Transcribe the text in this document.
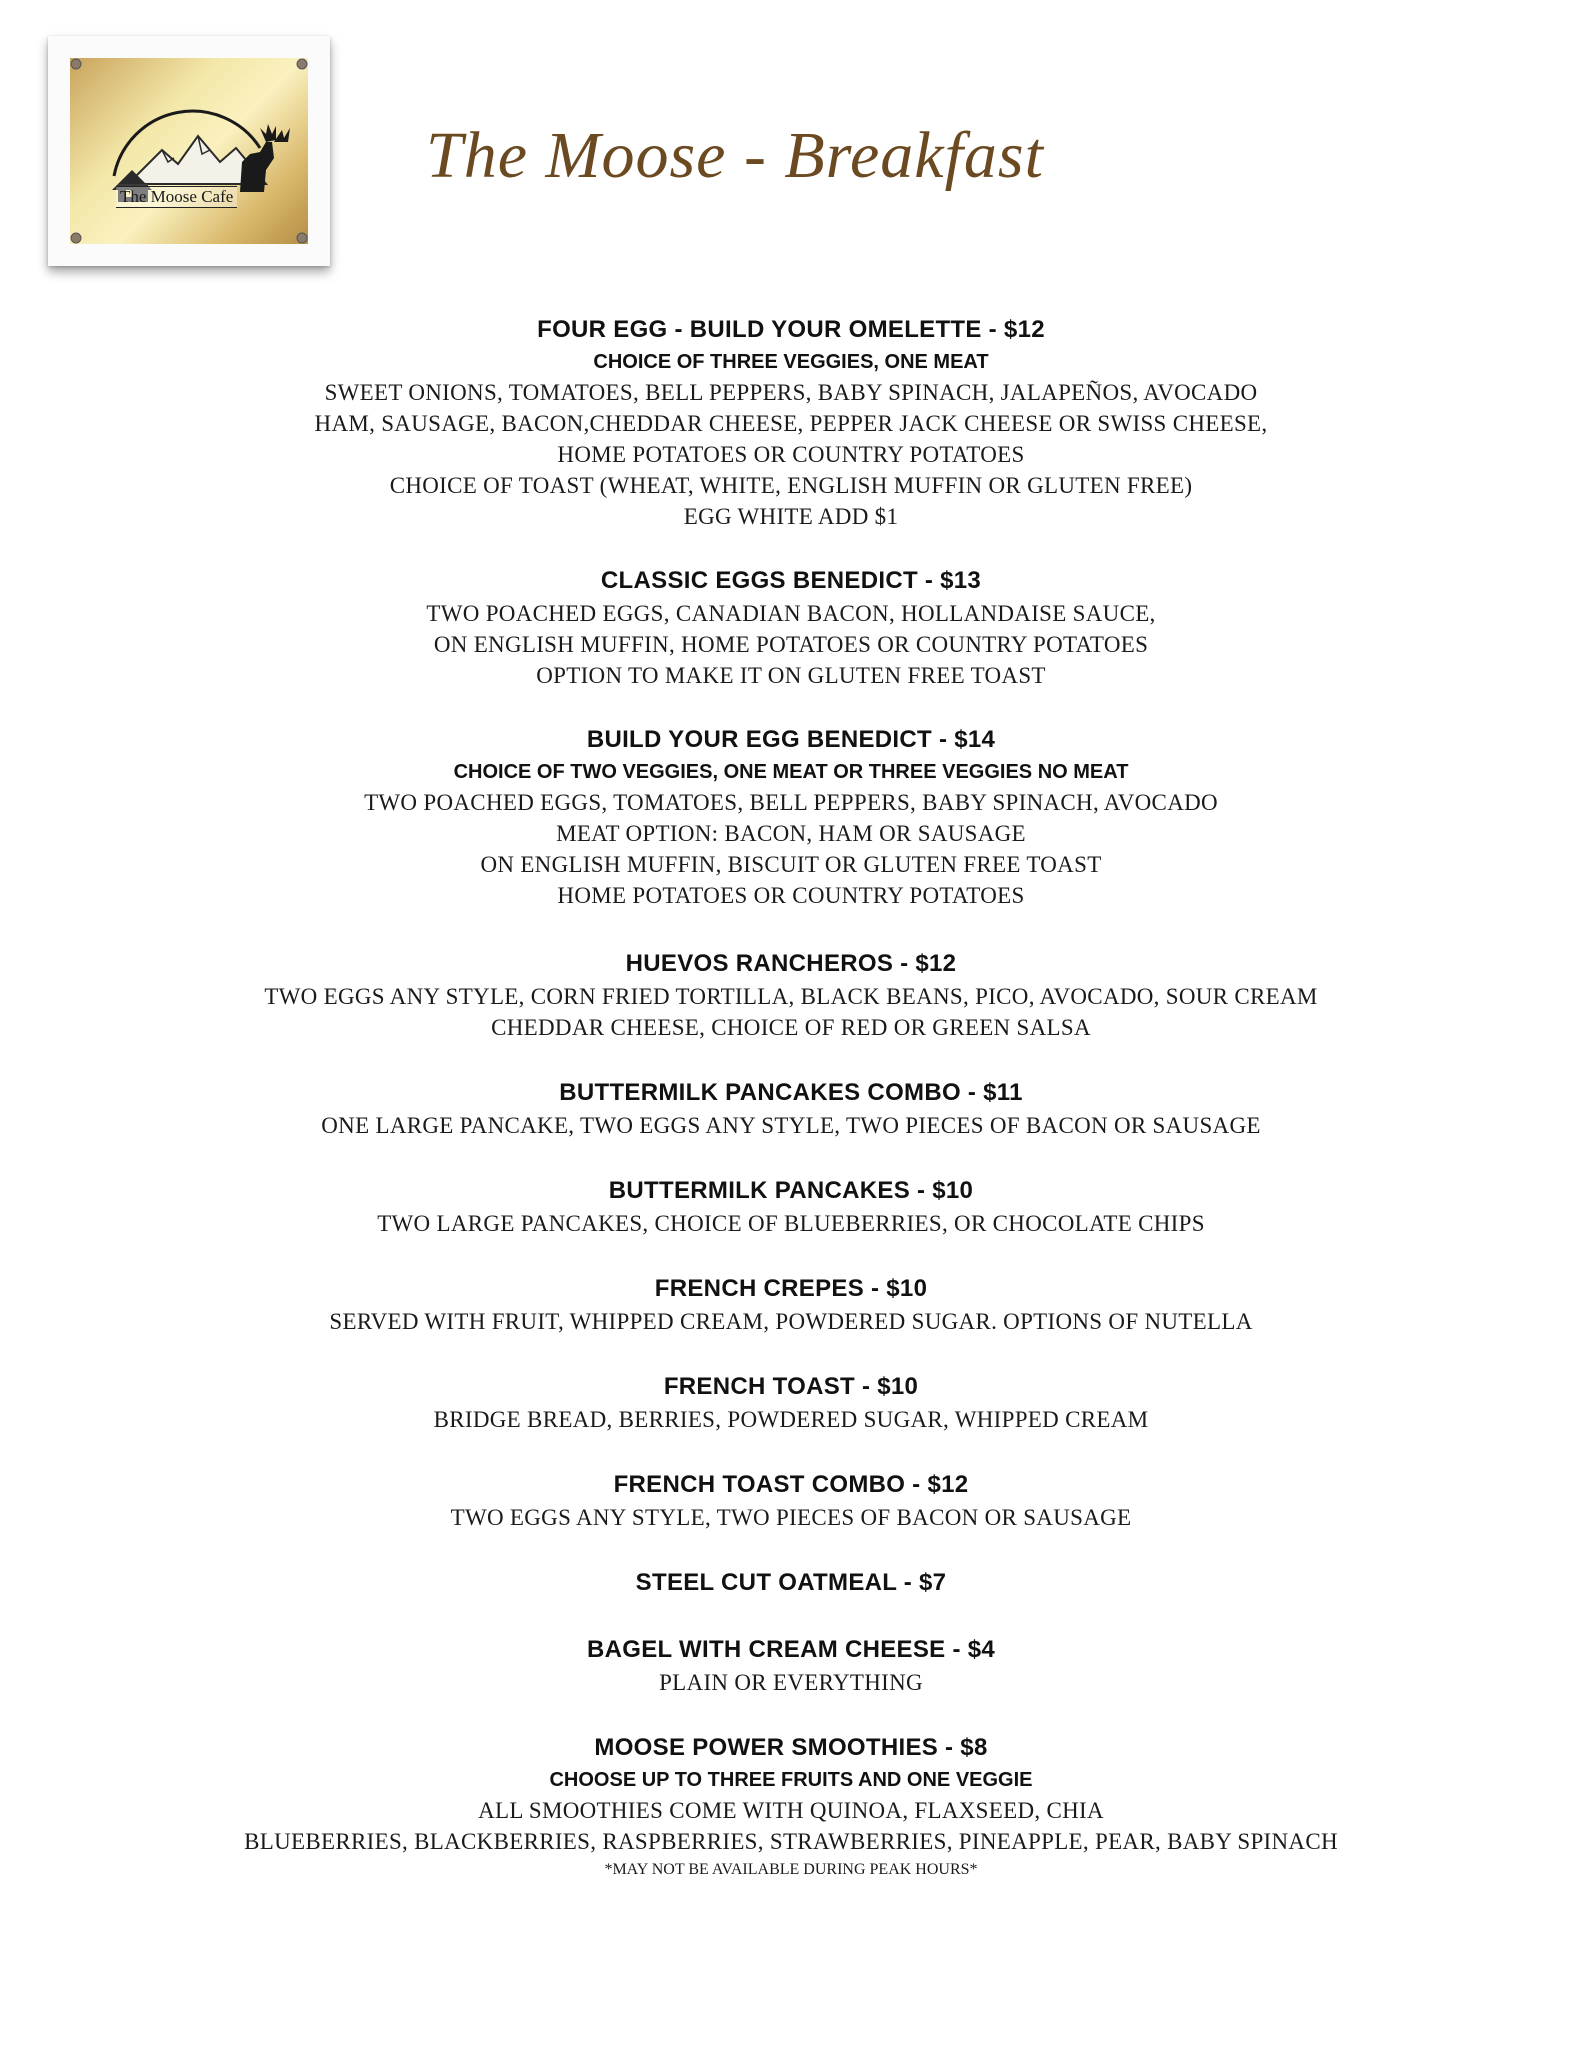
The Moose Cafe
The Moose - Breakfast
FOUR EGG - BUILD YOUR OMELETTE - $12
CHOICE OF THREE VEGGIES, ONE MEAT
SWEET ONIONS, TOMATOES, BELL PEPPERS, BABY SPINACH, JALAPEÑOS, AVOCADO
HAM, SAUSAGE, BACON,CHEDDAR CHEESE, PEPPER JACK CHEESE OR SWISS CHEESE,
HOME POTATOES OR COUNTRY POTATOES
CHOICE OF TOAST (WHEAT, WHITE, ENGLISH MUFFIN OR GLUTEN FREE)
EGG WHITE ADD $1
CLASSIC EGGS BENEDICT - $13
TWO POACHED EGGS, CANADIAN BACON, HOLLANDAISE SAUCE,
ON ENGLISH MUFFIN, HOME POTATOES OR COUNTRY POTATOES
OPTION TO MAKE IT ON GLUTEN FREE TOAST
BUILD YOUR EGG BENEDICT - $14
CHOICE OF TWO VEGGIES, ONE MEAT OR THREE VEGGIES NO MEAT
TWO POACHED EGGS, TOMATOES, BELL PEPPERS, BABY SPINACH, AVOCADO
MEAT OPTION: BACON, HAM OR SAUSAGE
ON ENGLISH MUFFIN, BISCUIT OR GLUTEN FREE TOAST
HOME POTATOES OR COUNTRY POTATOES
HUEVOS RANCHEROS - $12
TWO EGGS ANY STYLE, CORN FRIED TORTILLA, BLACK BEANS, PICO, AVOCADO, SOUR CREAM
CHEDDAR CHEESE, CHOICE OF RED OR GREEN SALSA
BUTTERMILK PANCAKES COMBO - $11
ONE LARGE PANCAKE, TWO EGGS ANY STYLE, TWO PIECES OF BACON OR SAUSAGE
BUTTERMILK PANCAKES - $10
TWO LARGE PANCAKES, CHOICE OF BLUEBERRIES, OR CHOCOLATE CHIPS
FRENCH CREPES - $10
SERVED WITH FRUIT, WHIPPED CREAM, POWDERED SUGAR. OPTIONS OF NUTELLA
FRENCH TOAST - $10
BRIDGE BREAD, BERRIES, POWDERED SUGAR, WHIPPED CREAM
FRENCH TOAST COMBO - $12
TWO EGGS ANY STYLE, TWO PIECES OF BACON OR SAUSAGE
STEEL CUT OATMEAL - $7
BAGEL WITH CREAM CHEESE - $4
PLAIN OR EVERYTHING
MOOSE POWER SMOOTHIES - $8
CHOOSE UP TO THREE FRUITS AND ONE VEGGIE
ALL SMOOTHIES COME WITH QUINOA, FLAXSEED, CHIA
BLUEBERRIES, BLACKBERRIES, RASPBERRIES, STRAWBERRIES, PINEAPPLE, PEAR, BABY SPINACH
*MAY NOT BE AVAILABLE DURING PEAK HOURS*
